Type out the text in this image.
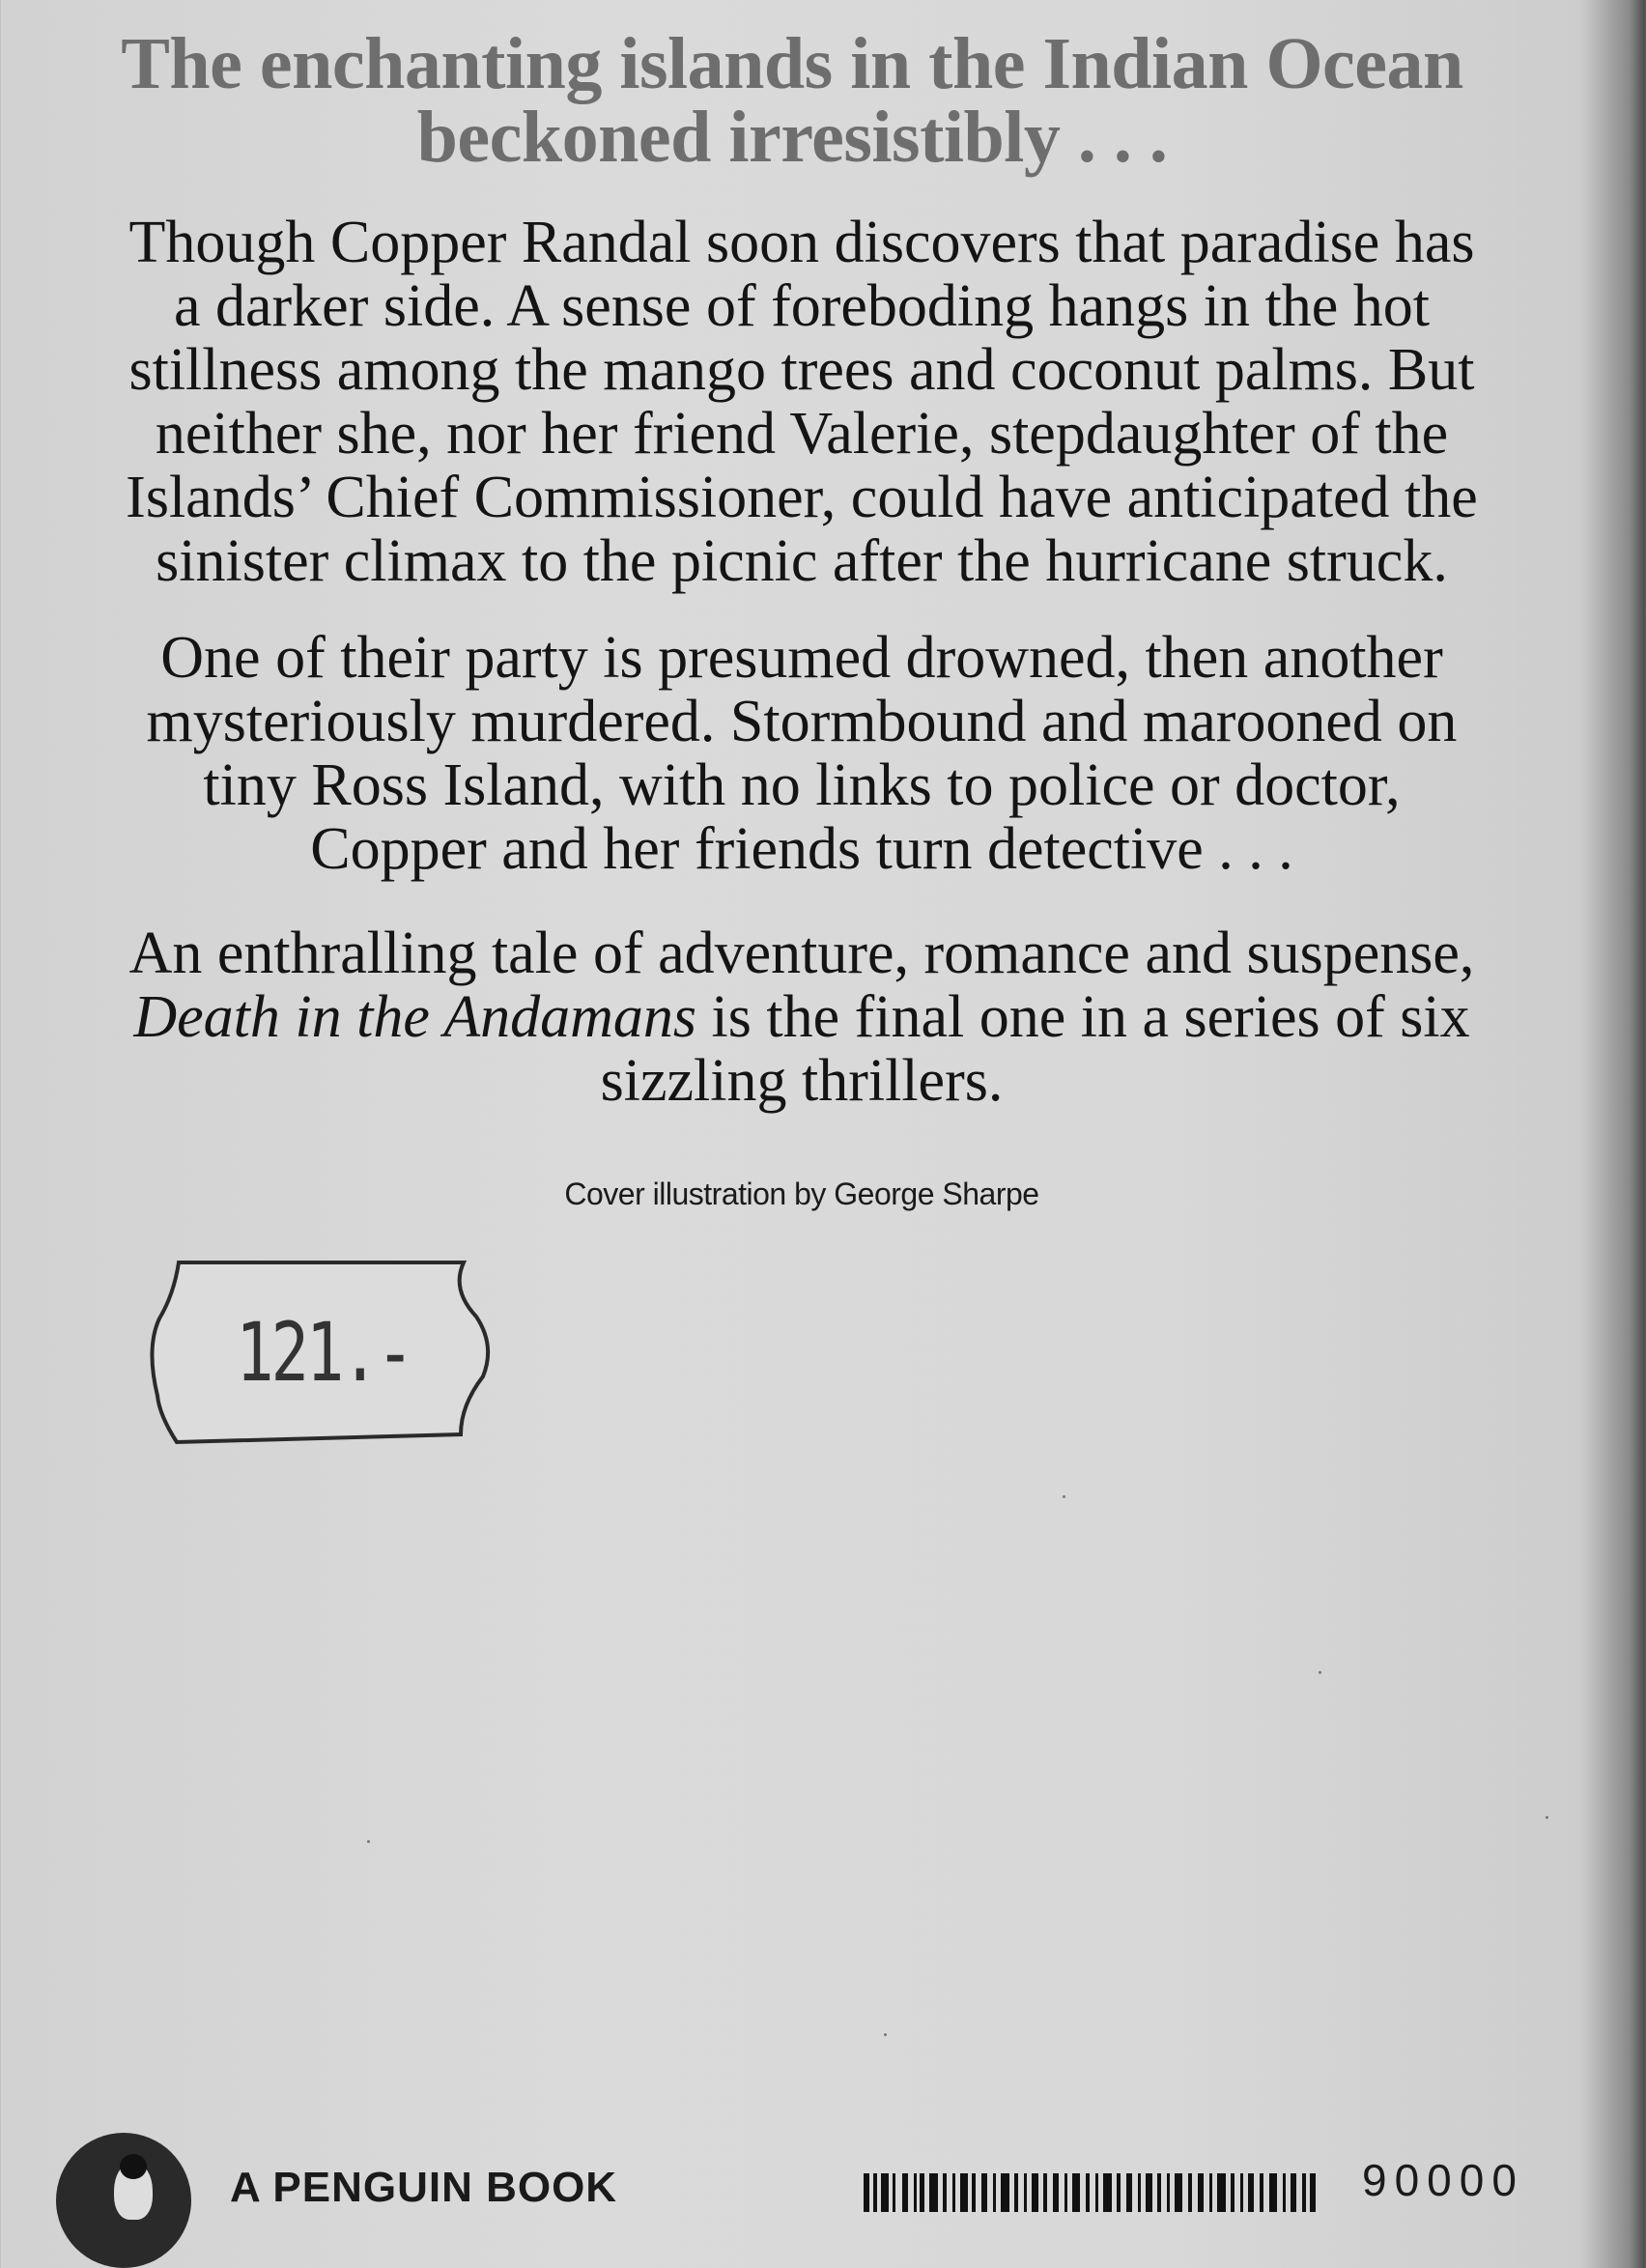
The enchanting islands in the Indian Ocean
beckoned irresistibly . . .
Though Copper Randal soon discovers that paradise has
a darker side. A sense of foreboding hangs in the hot
stillness among the mango trees and coconut palms. But
neither she, nor her friend Valerie, stepdaughter of the
Islands’ Chief Commissioner, could have anticipated the
sinister climax to the picnic after the hurricane struck.
One of their party is presumed drowned, then another
mysteriously murdered. Stormbound and marooned on
tiny Ross Island, with no links to police or doctor,
Copper and her friends turn detective . . .
An enthralling tale of adventure, romance and suspense,
Death in the Andamans is the final one in a series of six
sizzling thrillers.
Cover illustration by George Sharpe
121.-
A PENGUIN BOOK	90000
